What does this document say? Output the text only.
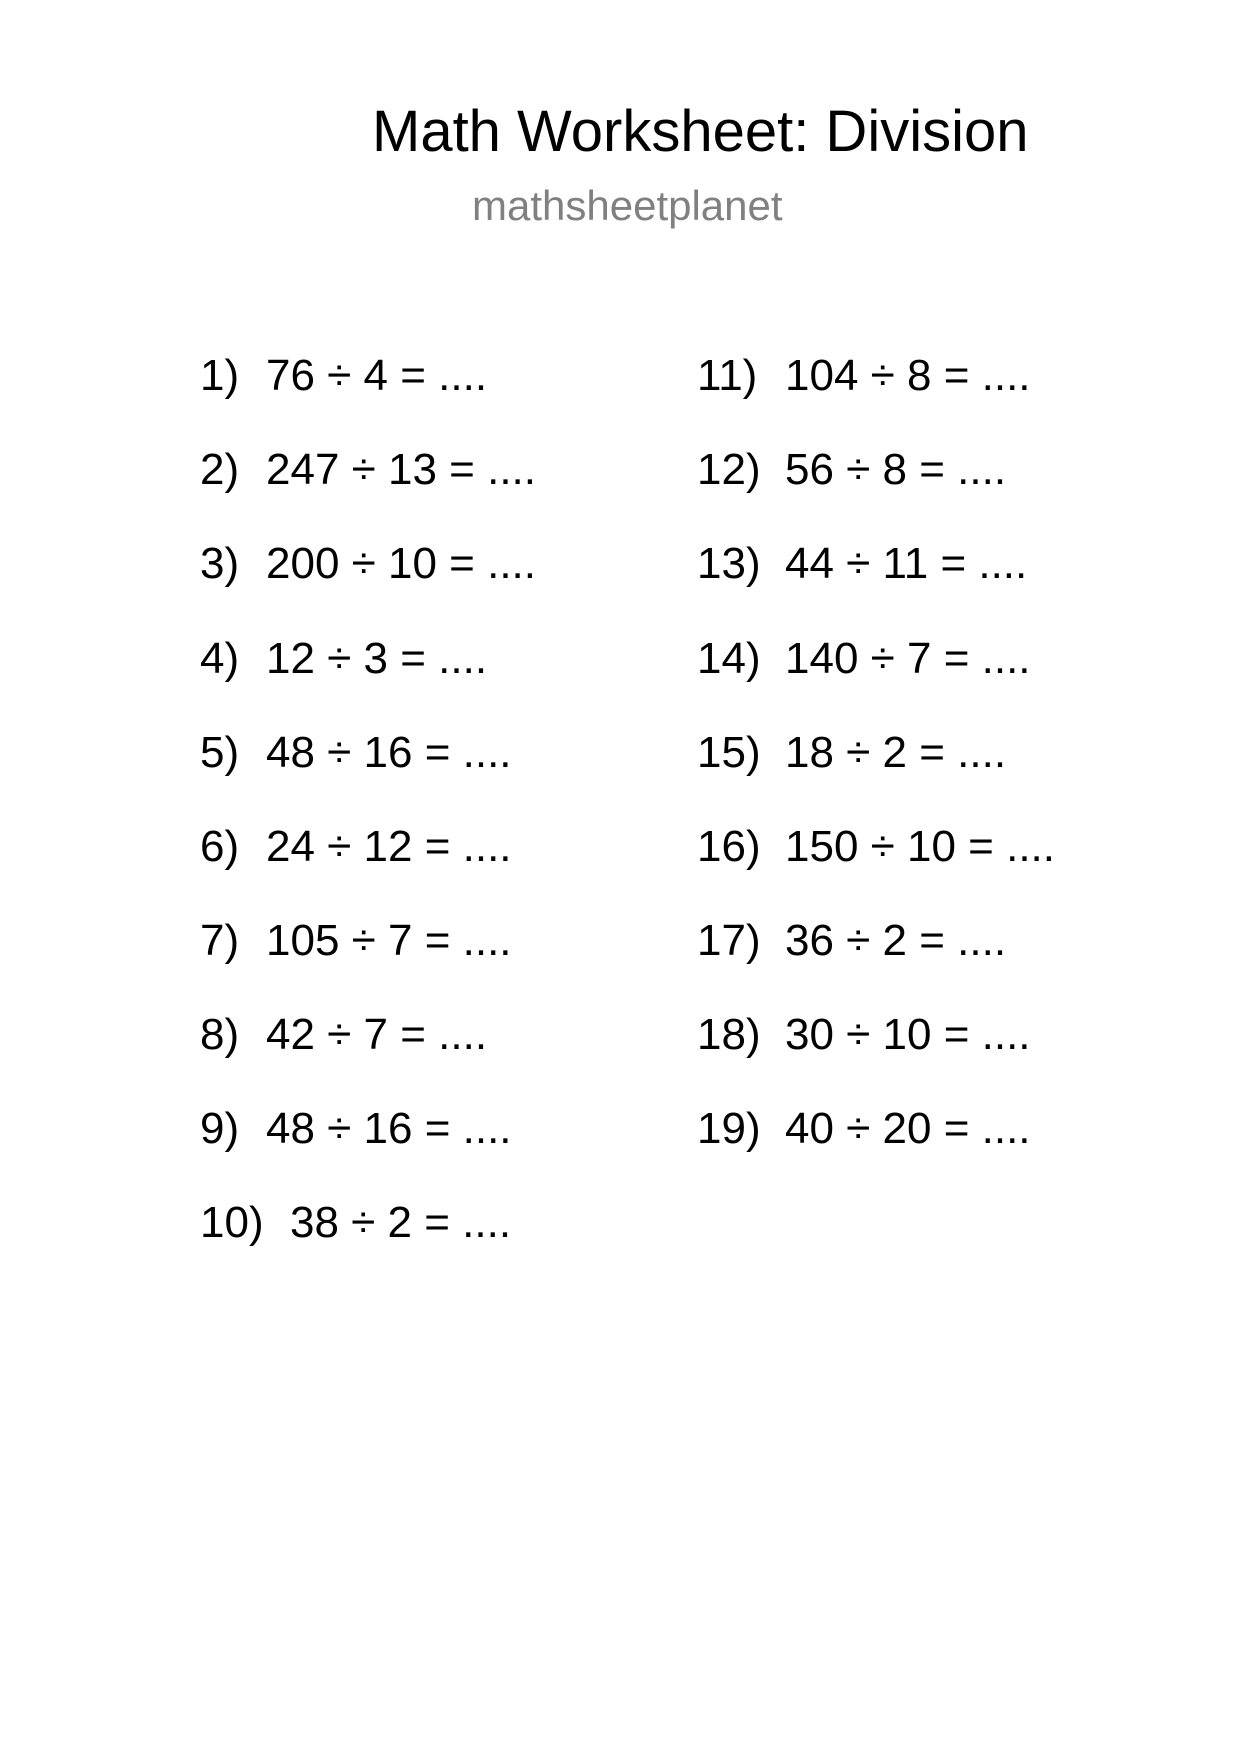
Math Worksheet: Division
mathsheetplanet
1) 76 ÷ 4 = ....
2) 247 ÷ 13 = ....
3) 200 ÷ 10 = ....
4) 12 ÷ 3 = ....
5) 48 ÷ 16 = ....
6) 24 ÷ 12 = ....
7) 105 ÷ 7 = ....
8) 42 ÷ 7 = ....
9) 48 ÷ 16 = ....
10) 38 ÷ 2 = ....
11) 104 ÷ 8 = ....
12) 56 ÷ 8 = ....
13) 44 ÷ 11 = ....
14) 140 ÷ 7 = ....
15) 18 ÷ 2 = ....
16) 150 ÷ 10 = ....
17) 36 ÷ 2 = ....
18) 30 ÷ 10 = ....
19) 40 ÷ 20 = ....
